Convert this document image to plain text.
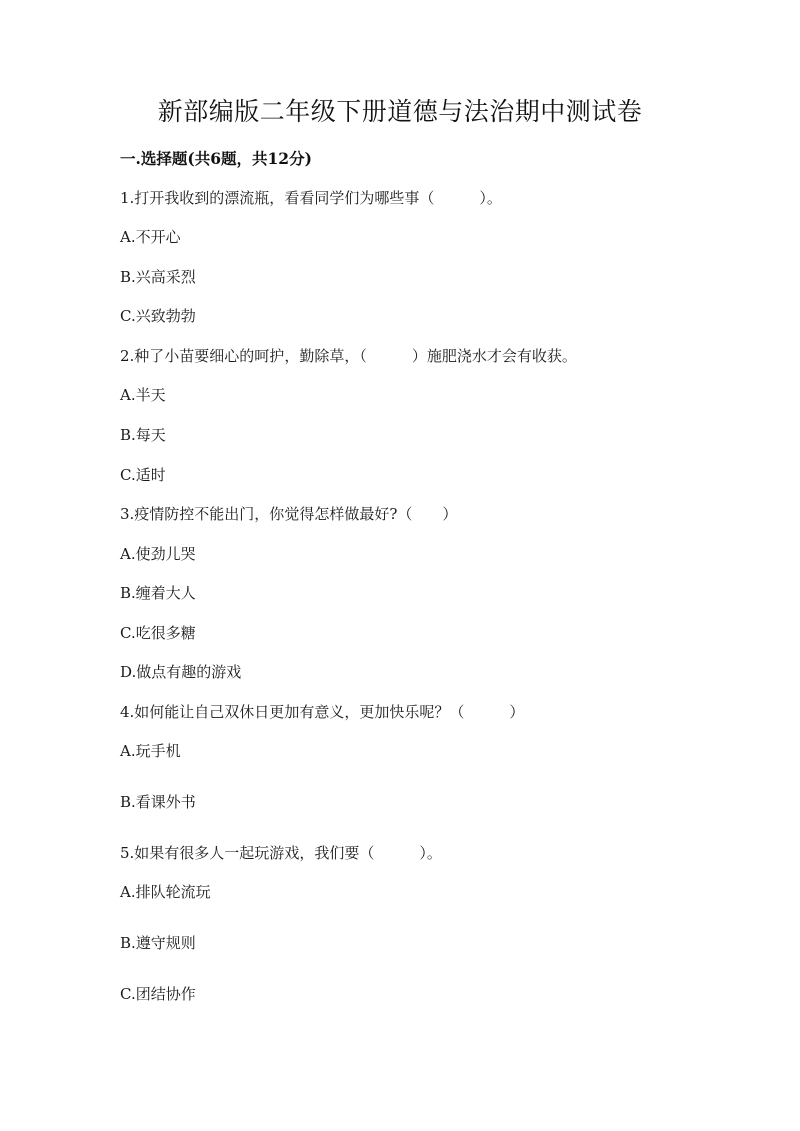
新部编版二年级下册道德与法治期中测试卷
一.选择题(共6题，共12分)
1.打开我收到的漂流瓶，看看同学们为哪些事（　　　）。
A.不开心
B.兴高采烈
C.兴致勃勃
2.种了小苗要细心的呵护，勤除草，（　　　）施肥浇水才会有收获。
A.半天
B.每天
C.适时
3.疫情防控不能出门，你觉得怎样做最好?（　　）
A.使劲儿哭
B.缠着大人
C.吃很多糖
D.做点有趣的游戏
4.如何能让自己双休日更加有意义，更加快乐呢？（　　　）
A.玩手机
B.看课外书
5.如果有很多人一起玩游戏，我们要（　　　）。
A.排队轮流玩
B.遵守规则
C.团结协作
